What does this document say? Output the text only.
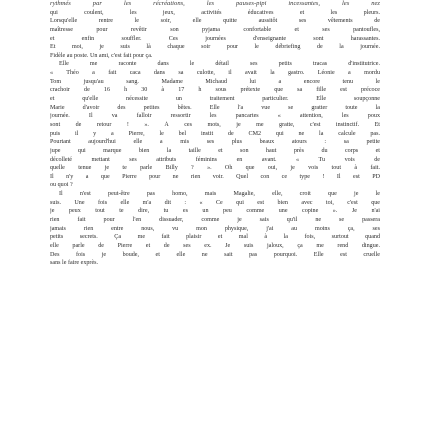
rythmés par les récréations, les pauses-pipi incessantes, les nez
qui coulent, les jeux, activités éducatives et les pleurs.
Lorsqu'elle rentre le soir, elle quitte aussitôt ses vêtements de
maîtresse pour revêtir son pyjama confortable et ses pantoufles,
et enfin souffler. Ces journées d'enseignante sont harassantes.
Et moi, je suis là chaque soir pour le débriefing de la journée.
Fidèle au poste. Un ami, c'est fait pour ça.
Elle me raconte dans le détail ses petits tracas d'institutrice.
« Théo a fait caca dans sa culotte, il avait la gastro. Léonie a mordu
Tom jusqu'au sang. Madame Michaud lui a encore tenu le
crachoir de 16 h 30 à 17 h sous prétexte que sa fille est précoce
et qu'elle nécessite un traitement particulier. Elle soupçonne
Marie d'avoir des petites bêtes. Elle l'a vue se gratter toute la
journée. Il va falloir ressortir les pancartes « attention, les poux
sont de retour ! ». À ces mots, je me gratte, c'est instinctif. Et
puis il y a Pierre, le bel instit de CM2 qui ne la calcule pas.
Pourtant aujourd'hui elle a mis ses plus beaux atours : sa petite
jupe qui marque bien la taille et son haut près du corps et
décolleté mettant ses attributs féminins en avant. « Tu vois de
quelle tenue je te parle Billy ? ». Oh que oui, je vois tout à fait.
Il n'y a que Pierre pour ne rien voir. Quel con ce type ! Il est PD
ou quoi ?
Il n'est peut-être pas homo, mais Magalie, elle, croit que je le
suis. Une fois elle m'a dit : « Ce qui est bien avec toi, c'est que
je peux tout te dire, tu es un peu comme une copine ». Je n'ai
rien fait pour l'en dissuader, comme je sais qu'il ne se passera
jamais rien entre nous, vu mon physique, j'ai au moins ça, ses
petits secrets. Ça me fait plaisir et mal à la fois, surtout quand
elle parle de Pierre et de ses ex. Je suis jaloux, ça me rend dingue.
Des fois je boude, et elle ne sait pas pourquoi. Elle est cruelle
sans le faire exprès.
